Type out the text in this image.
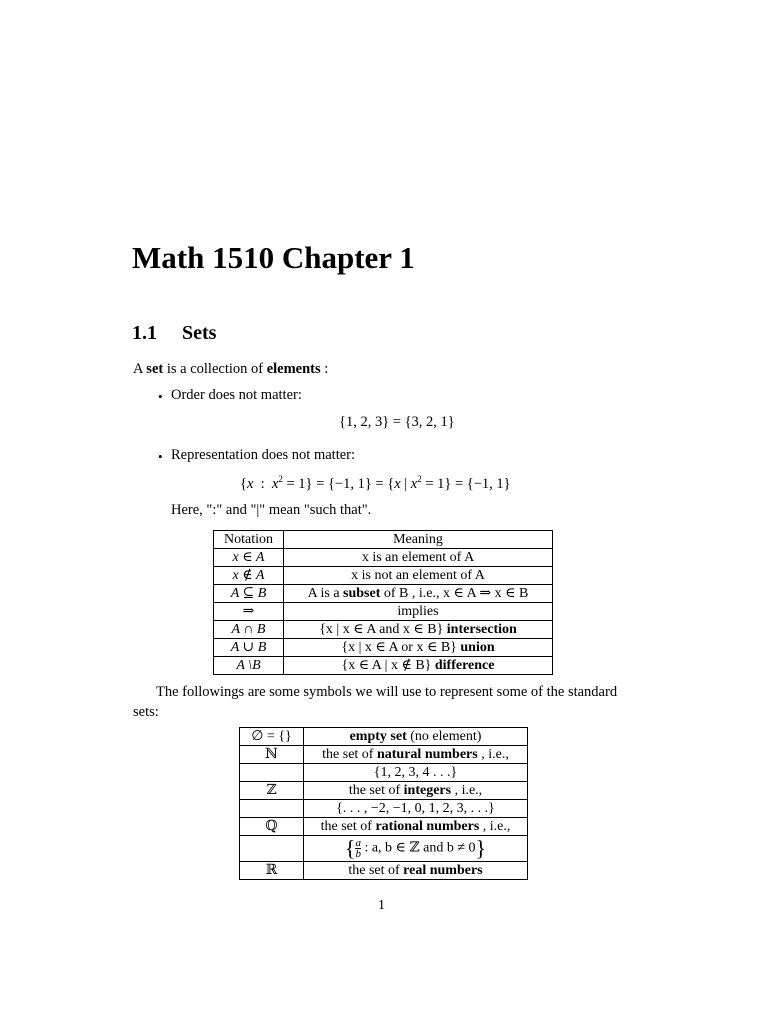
Math 1510 Chapter 1
1.1 Sets
A set is a collection of elements :
• Order does not matter:
{1, 2, 3} = {3, 2, 1}
• Representation does not matter:
{x  :  $x^2 = 1\} = \{-1$, 1} = {x | $x^2 = 1\} = \{-1$, 1}
Here, ":" and "|" mean "such that".
Notation	Meaning
x ∈ A	x is an element of A
x ∉ A	x is not an element of A
A ⊆ B	A is a subset of B , i.e., x ∈ A ⇒ x ∈ B
⇒	implies
A ∩ B	{x | x ∈ A and x ∈ B} intersection
A ∪ B	{x | x ∈ A or x ∈ B} union
A \B	{x ∈ A | x ∉ B} difference
The followings are some symbols we will use to represent some of the standard
sets:
∅ = {}	empty set (no element)
ℕ	the set of natural numbers , i.e.,
	{1, 2, 3, 4 . . .}
ℤ	the set of integers , i.e.,
	{. . . , −2, −1, 0, 1, 2, 3, . . .}
ℚ	the set of rational numbers , i.e.,
	{ $\frac{a}{b}$ : a, b ∈ ℤ and b ≠ 0}
ℝ	the set of real numbers
1
